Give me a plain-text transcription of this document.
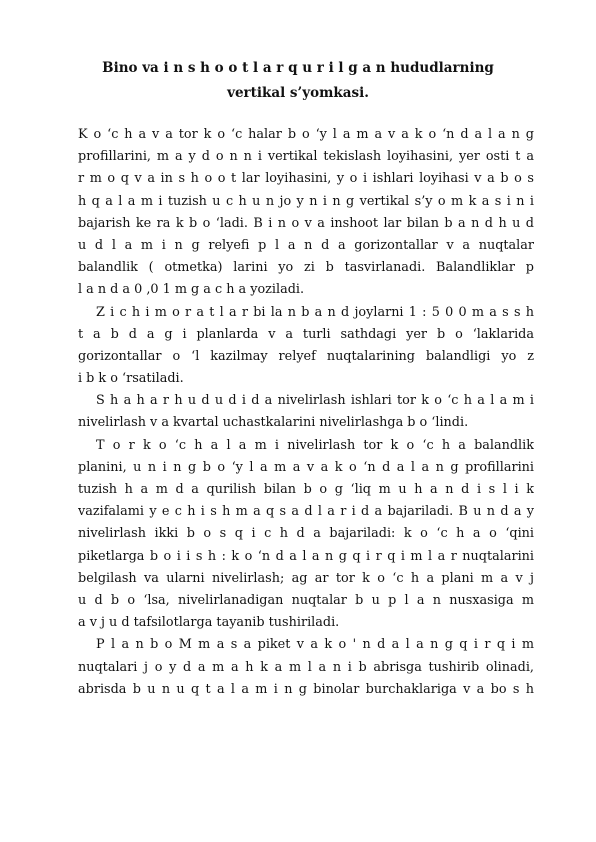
Bino va i n s h o o t l a r q u r i l g a n hududlarning
vertikal s’yomkasi.
K o ‘c h a v a tor k o ‘c halar b o ‘y l a m a v a k o ‘n d a l a n g
profillarini, m a y d o n n i vertikal tekislash loyihasini, yer osti t a
r m o q v a in s h o o t lar loyihasini, y o i ishlari loyihasi v a b o s
h q a l a m i tuzish u c h u n jo y n i n g vertikal s’y o m k a s i n i
bajarish ke ra k b o ‘ladi. B i n o v a inshoot lar bilan b a n d h u d
u d l a m i n g relyefi p l a n d a gorizontallar v a nuqtalar
balandlik ( otmetka) larini yo zi b tasvirlanadi. Balandliklar p
l a n d a 0 ,0 1 m g a c h a yoziladi.
Z i c h i m o r a t l a r bi la n b a n d joylarni 1 : 5 0 0 m a s s h
t a b d a g i planlarda v a turli sathdagi yer b o ‘laklarida
gorizontallar o ‘l kazilmay relyef nuqtalarining balandligi yo z
i b k o ‘rsatiladi.
S h a h a r h u d u d i d a nivelirlash ishlari tor k o ‘c h a l a m i
nivelirlash v a kvartal uchastkalarini nivelirlashga b o ‘lindi.
T o r k o ‘c h a l a m i nivelirlash tor k o ‘c h a balandlik
planini, u n i n g b o ‘y l a m a v a k o ‘n d a l a n g profillarini
tuzish h a m d a qurilish bilan b o g ‘liq m u h a n d i s l i k
vazifalami y e c h i s h m a q s a d l a r i d a bajariladi. B u n d a y
nivelirlash ikki b o s q i c h d a bajariladi: k o ‘c h a o ‘qini
piketlarga b o i i s h : k o ‘n d a l a n g q i r q i m l a r nuqtalarini
belgilash va ularni nivelirlash; ag ar tor k o ‘c h a plani m a v j
u d b o ‘lsa, nivelirlanadigan nuqtalar b u p l a n nusxasiga m
a v j u d tafsilotlarga tayanib tushiriladi.
P l a n b o M m a s a piket v a k o ' n d a l a n g q i r q i m
nuqtalari j o y d a m a h k a m l a n i b abrisga tushirib olinadi,
abrisda b u n u q t a l a m i n g binolar burchaklariga v a bo s h
